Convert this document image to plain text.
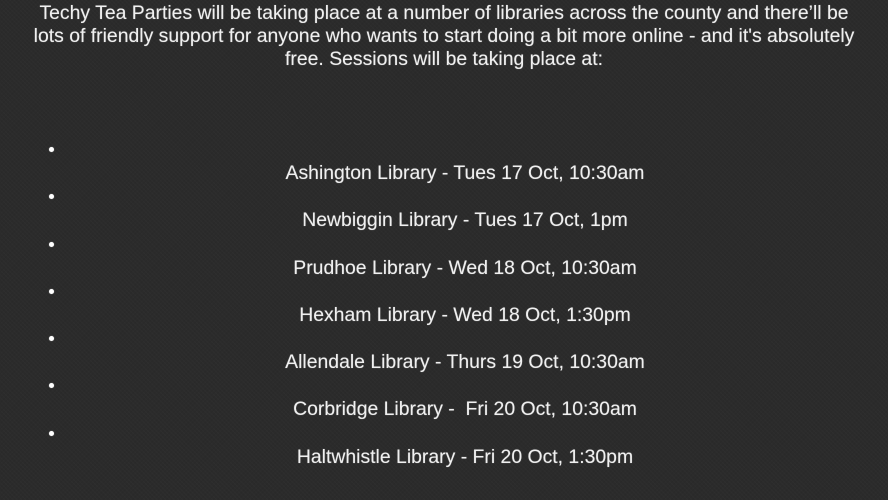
Techy Tea Parties will be taking place at a number of libraries across the county and there’ll be
lots of friendly support for anyone who wants to start doing a bit more online - and it's absolutely
free. Sessions will be taking place at:
Ashington Library - Tues 17 Oct, 10:30am
Newbiggin Library - Tues 17 Oct, 1pm
Prudhoe Library - Wed 18 Oct, 10:30am
Hexham Library - Wed 18 Oct, 1:30pm
Allendale Library - Thurs 19 Oct, 10:30am
Corbridge Library -  Fri 20 Oct, 10:30am
Haltwhistle Library - Fri 20 Oct, 1:30pm
